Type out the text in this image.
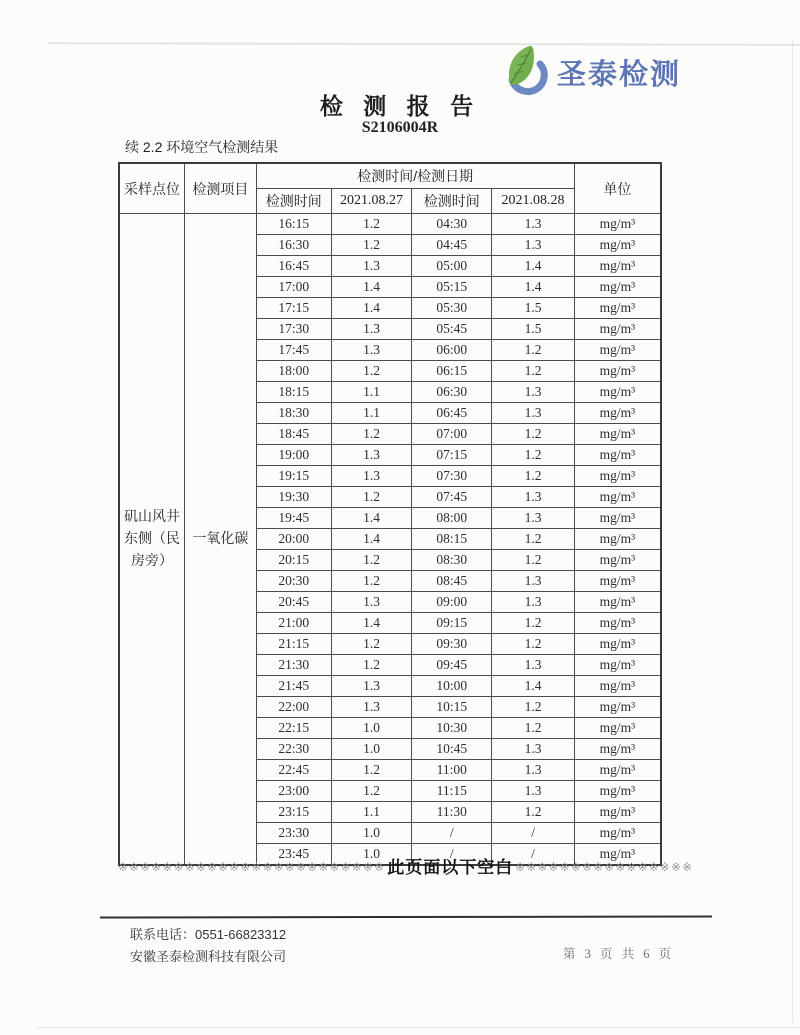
圣泰检测
检 测 报 告
S2106004R
续 2.2 环境空气检测结果
采样点位	检测项目	检测时间/检测日期				单位
		检测时间	2021.08.27	检测时间	2021.08.28	
矶山风井东侧（民房旁）	一氧化碳	16:15	1.2	04:30	1.3	mg/m³
		16:30	1.2	04:45	1.3	mg/m³
		16:45	1.3	05:00	1.4	mg/m³
		17:00	1.4	05:15	1.4	mg/m³
		17:15	1.4	05:30	1.5	mg/m³
		17:30	1.3	05:45	1.5	mg/m³
		17:45	1.3	06:00	1.2	mg/m³
		18:00	1.2	06:15	1.2	mg/m³
		18:15	1.1	06:30	1.3	mg/m³
		18:30	1.1	06:45	1.3	mg/m³
		18:45	1.2	07:00	1.2	mg/m³
		19:00	1.3	07:15	1.2	mg/m³
		19:15	1.3	07:30	1.2	mg/m³
		19:30	1.2	07:45	1.3	mg/m³
		19:45	1.4	08:00	1.3	mg/m³
		20:00	1.4	08:15	1.2	mg/m³
		20:15	1.2	08:30	1.2	mg/m³
		20:30	1.2	08:45	1.3	mg/m³
		20:45	1.3	09:00	1.3	mg/m³
		21:00	1.4	09:15	1.2	mg/m³
		21:15	1.2	09:30	1.2	mg/m³
		21:30	1.2	09:45	1.3	mg/m³
		21:45	1.3	10:00	1.4	mg/m³
		22:00	1.3	10:15	1.2	mg/m³
		22:15	1.0	10:30	1.2	mg/m³
		22:30	1.0	10:45	1.3	mg/m³
		22:45	1.2	11:00	1.3	mg/m³
		23:00	1.2	11:15	1.3	mg/m³
		23:15	1.1	11:30	1.2	mg/m³
		23:30	1.0	/	/	mg/m³
		23:45	1.0	/	/	mg/m³
※※※※※※※※※※※※※※※※※※※※※※※※ 此页面以下空白 ※※※※※※※※※※※※※※※※
联系电话：0551-66823312
安徽圣泰检测科技有限公司	第 3 页 共 6 页
